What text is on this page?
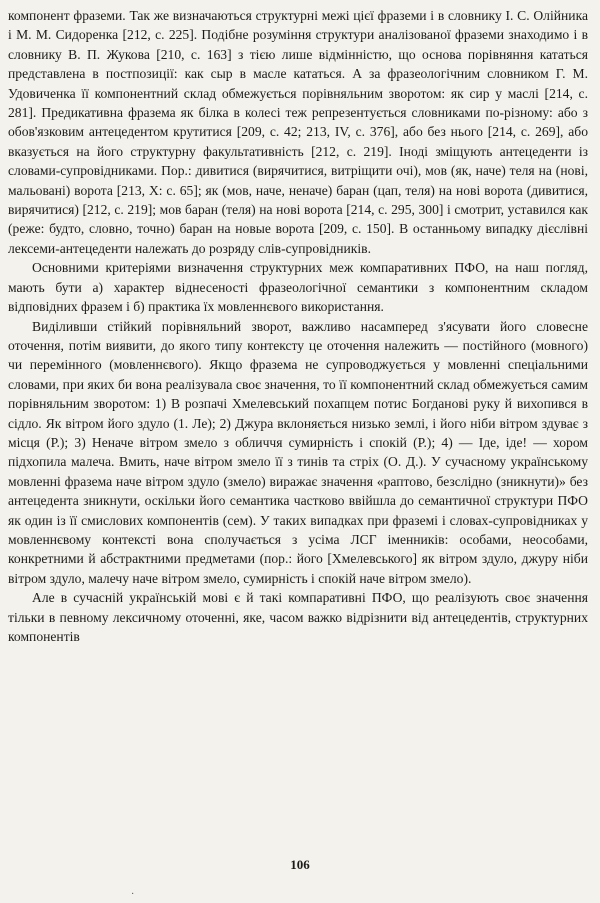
компонент фраземи. Так же визначаються структурні межі цієї фраземи і в словнику І. С. Олійника і М. М. Сидоренка [212, с. 225]. Подібне розуміння структури аналізованої фраземи знаходимо і в словнику В. П. Жукова [210, с. 163] з тією лише відмінністю, що основа порівняння кататься представлена в постпозиції: как сыр в масле кататься. А за фразеологічним словником Г. М. Удовиченка її компонентний склад обмежується порівняльним зворотом: як сир у маслі [214, с. 281]. Предикативна фразема як білка в колесі теж репрезентується словниками по-різному: або з обов'язковим антецедентом крутитися [209, с. 42; 213, IV, с. 376], або без нього [214, с. 269], або вказується на його структурну факультативність [212, с. 219]. Іноді зміщують антецеденти із словами-супровідниками. Пор.: дивитися (вирячитися, витріщити очі), мов (як, наче) теля на (нові, мальовані) ворота [213, X: с. 65]; як (мов, наче, неначе) баран (цап, теля) на нові ворота (дивитися, вирячитися) [212, с. 219]; мов баран (теля) на нові ворота [214, с. 295, 300] і смотрит, уставился как (реже: будто, словно, точно) баран на новые ворота [209, с. 150]. В останньому випадку дієслівні лексеми-антецеденти належать до розряду слів-супровідників.

Основними критеріями визначення структурних меж компаративних ПФО, на наш погляд, мають бути а) характер віднесеності фразеологічної семантики з компонентним складом відповідних фразем і б) практика їх мовленнєвого використання.

Виділивши стійкий порівняльний зворот, важливо насамперед з'ясувати його словесне оточення, потім виявити, до якого типу контексту це оточення належить — постійного (мовного) чи перемінного (мовленнєвого). Якщо фразема не супроводжується у мовленні спеціальними словами, при яких би вона реалізувала своє значення, то її компонентний склад обмежується самим порівняльним зворотом: 1) В розпачі Хмелевський похапцем потис Богданові руку й вихопився в сідло. Як вітром його здуло (1. Ле); 2) Джура вклоняється низько землі, і його ніби вітром здуває з місця (Р.); 3) Неначе вітром змело з обличчя сумирність і спокій (Р.); 4) — Іде, іде! — хором підхопила малеча. Вмить, наче вітром змело її з тинів та стріх (О. Д.). У сучасному українському мовленні фразема наче вітром здуло (змело) виражає значення «раптово, безслідно (зникнути)» без антецедента зникнути, оскільки його семантика частково ввійшла до семантичної структури ПФО як один із її смислових компонентів (сем). У таких випадках при фраземі і словах-супровідниках у мовленнєвому контексті вона сполучається з усіма ЛСГ іменників: особами, неособами, конкретними й абстрактними предметами (пор.: його [Хмелевського] як вітром здуло, джуру ніби вітром здуло, малечу наче вітром змело, сумирність і спокій наче вітром змело).

Але в сучасній українській мові є й такі компаративні ПФО, що реалізують своє значення тільки в певному лексичному оточенні, яке, часом важко відрізнити від антецедентів, структурних компонентів

106
·
